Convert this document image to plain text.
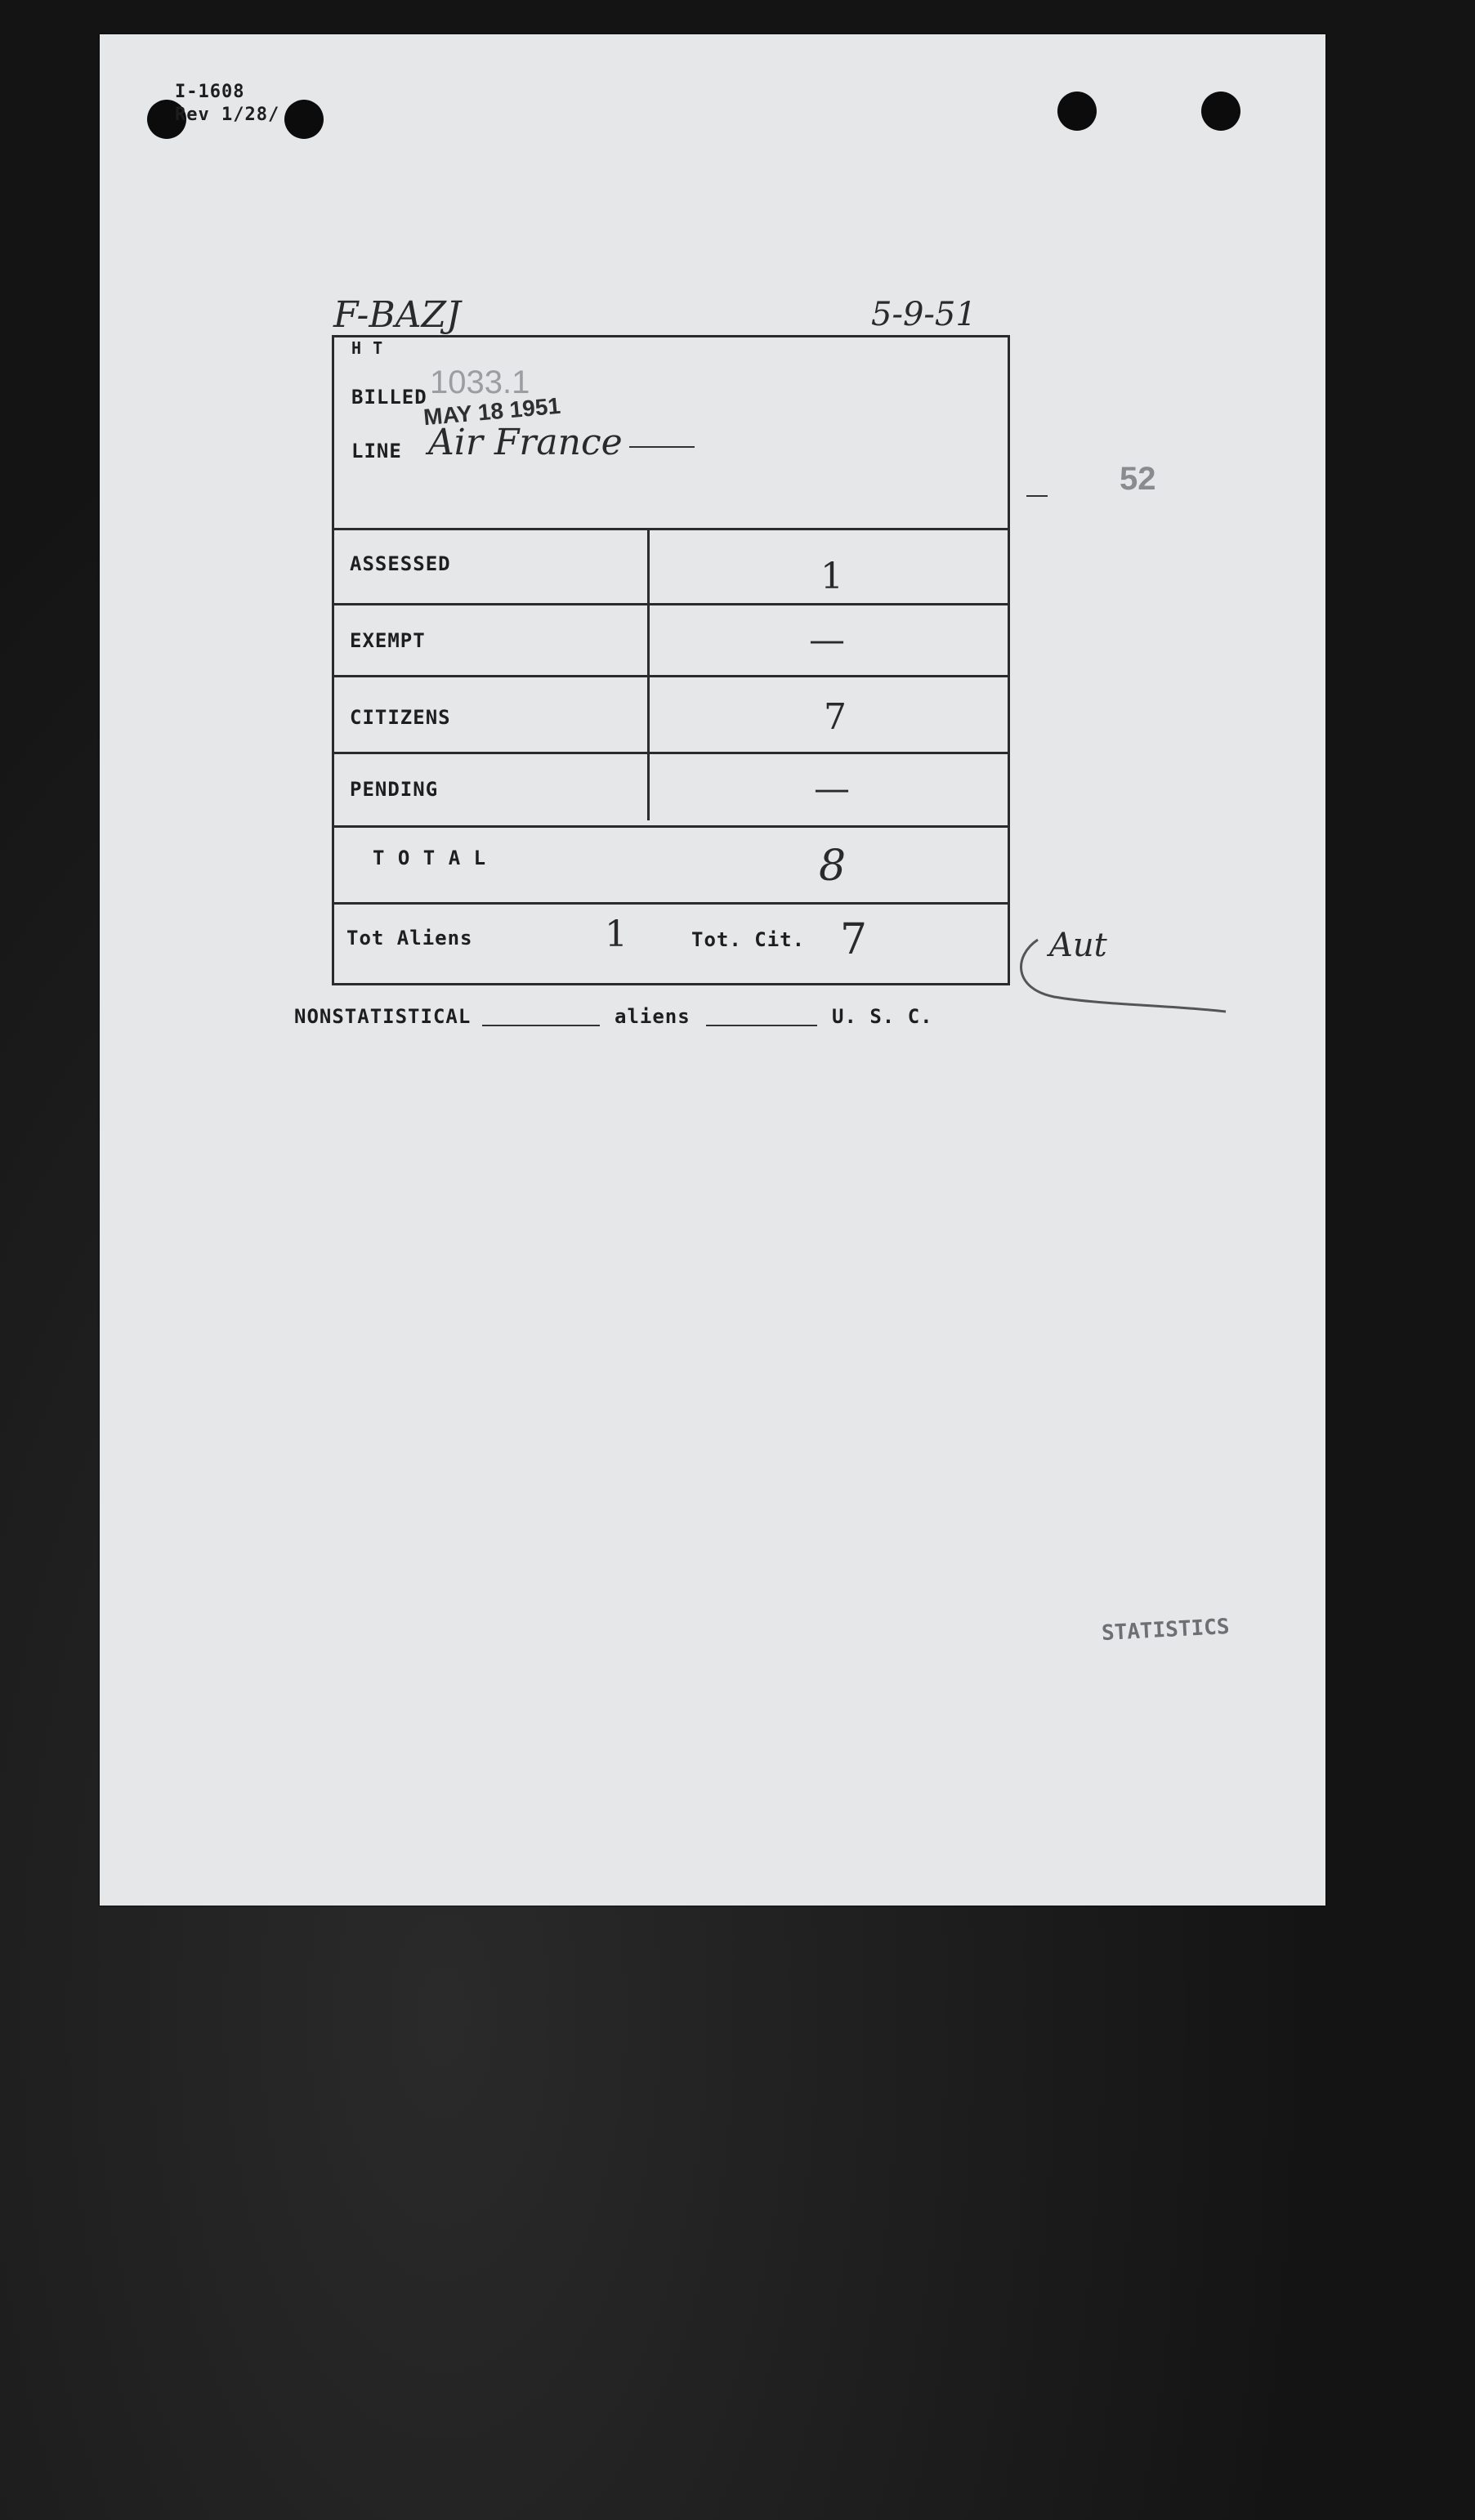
I-1608
Rev 1/28/
F-BAZJ	5-9-51
52
H T
BILLED 1033.1
MAY 18 1951
LINE Air France
ASSESSED	1
EXEMPT	—
CITIZENS	7
PENDING	—
T O T A L	8
Tot Aliens	1	Tot. Cit. 7	Aut
NONSTATISTICAL	aliens	U. S. C.
STATISTICS
